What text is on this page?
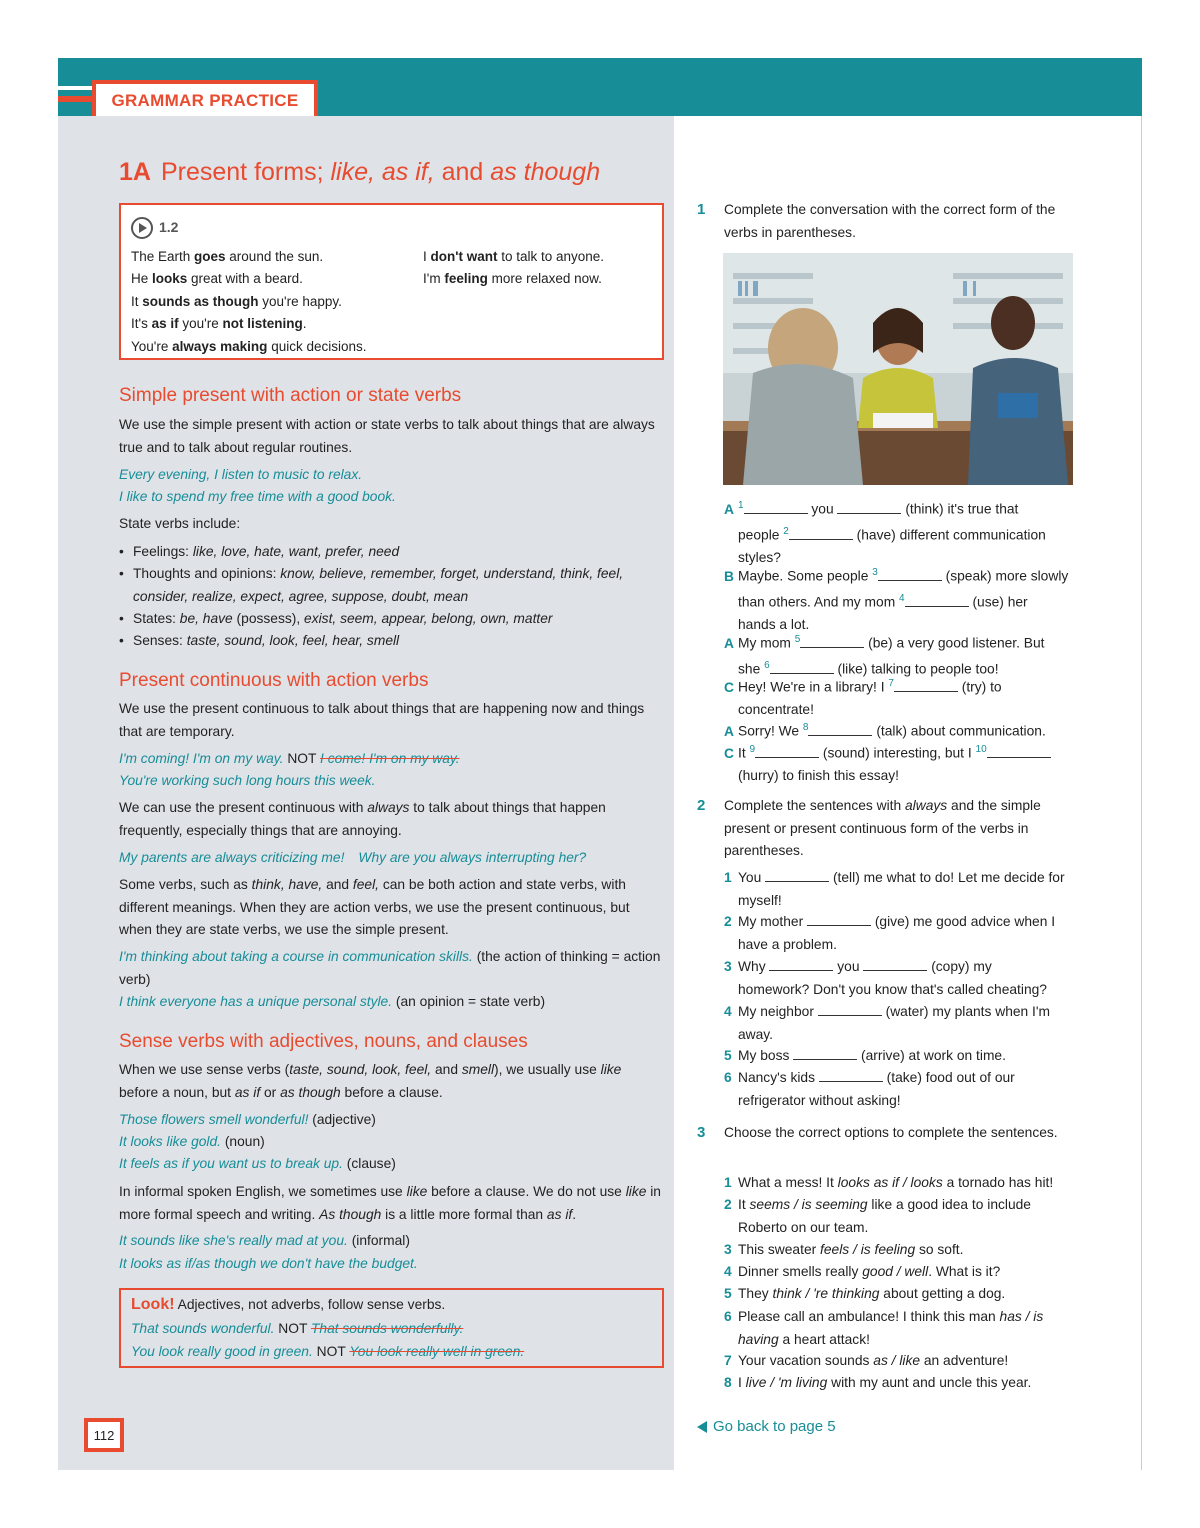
GRAMMAR PRACTICE
1A Present forms; like, as if, and as though
1.2
The Earth goes around the sun.
He looks great with a beard.
It sounds as though you're happy.
It's as if you're not listening.
You're always making quick decisions.
I don't want to talk to anyone.
I'm feeling more relaxed now.
Simple present with action or state verbs
We use the simple present with action or state verbs to talk about things that are always true and to talk about regular routines.
Every evening, I listen to music to relax.
I like to spend my free time with a good book.
State verbs include:
• Feelings: like, love, hate, want, prefer, need
• Thoughts and opinions: know, believe, remember, forget, understand, think, feel, consider, realize, expect, agree, suppose, doubt, mean
• States: be, have (possess), exist, seem, appear, belong, own, matter
• Senses: taste, sound, look, feel, hear, smell
Present continuous with action verbs
We use the present continuous to talk about things that are happening now and things that are temporary.
I'm coming! I'm on my way. NOT I come! I'm on my way.
You're working such long hours this week.
We can use the present continuous with always to talk about things that happen frequently, especially things that are annoying.
My parents are always criticizing me! Why are you always interrupting her?
Some verbs, such as think, have, and feel, can be both action and state verbs, with different meanings. When they are action verbs, we use the present continuous, but when they are state verbs, we use the simple present.
I'm thinking about taking a course in communication skills. (the action of thinking = action verb)
I think everyone has a unique personal style. (an opinion = state verb)
Sense verbs with adjectives, nouns, and clauses
When we use sense verbs (taste, sound, look, feel, and smell), we usually use like before a noun, but as if or as though before a clause.
Those flowers smell wonderful! (adjective)
It looks like gold. (noun)
It feels as if you want us to break up. (clause)
In informal spoken English, we sometimes use like before a clause. We do not use like in more formal speech and writing. As though is a little more formal than as if.
It sounds like she's really mad at you. (informal)
It looks as if/as though we don't have the budget.
Look! Adjectives, not adverbs, follow sense verbs.
That sounds wonderful. NOT That sounds wonderfully.
You look really good in green. NOT You look really well in green.
112
1 Complete the conversation with the correct form of the verbs in parentheses.
A $^1$	you	(think) it's true that
people $^2$	(have) different communication
styles?
B Maybe. Some people $^3$	(speak) more slowly
than others. And my mom $^4$	(use) her
hands a lot.
A My mom $^5$	(be) a very good listener. But
she $^6$	(like) talking to people too!
C Hey! We're in a library! I $^7$	(try) to
concentrate!
A Sorry! We $^8$	(talk) about communication.
C It $^9$	(sound) interesting, but I $^{10}$
(hurry) to finish this essay!
2 Complete the sentences with always and the simple present or present continuous form of the verbs in parentheses.
1 You	(tell) me what to do! Let me decide for
myself!
2 My mother	(give) me good advice when I
have a problem.
3 Why	you	(copy) my
homework? Don't you know that's called cheating?
4 My neighbor	(water) my plants when I'm
away.
5 My boss	(arrive) at work on time.
6 Nancy's kids	(take) food out of our
refrigerator without asking!
3 Choose the correct options to complete the sentences.
1 What a mess! It looks as if / looks a tornado has hit!
2 It seems / is seeming like a good idea to include
Roberto on our team.
3 This sweater feels / is feeling so soft.
4 Dinner smells really good / well. What is it?
5 They think / 're thinking about getting a dog.
6 Please call an ambulance! I think this man has / is
having a heart attack!
7 Your vacation sounds as / like an adventure!
8 I live / 'm living with my aunt and uncle this year.
Go back to page 5
